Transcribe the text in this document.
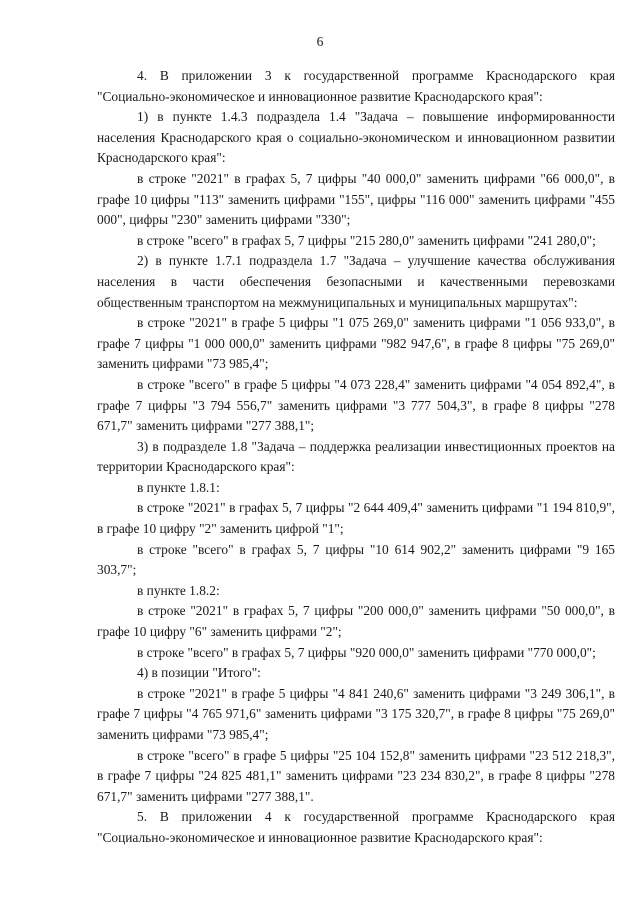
6

4. В приложении 3 к государственной программе Краснодарского края "Социально-экономическое и инновационное развитие Краснодарского края":

1) в пункте 1.4.3 подраздела 1.4 "Задача – повышение информированности населения Краснодарского края о социально-экономическом и инновационном развитии Краснодарского края":

в строке "2021" в графах 5, 7 цифры "40 000,0" заменить цифрами "66 000,0", в графе 10 цифры "113" заменить цифрами "155", цифры "116 000" заменить цифрами "455 000", цифры "230" заменить цифрами "330";

в строке "всего" в графах 5, 7 цифры "215 280,0" заменить цифрами "241 280,0";

2) в пункте 1.7.1 подраздела 1.7 "Задача – улучшение качества обслуживания населения в части обеспечения безопасными и качественными перевозками общественным транспортом на межмуниципальных и муниципальных маршрутах":

в строке "2021" в графе 5 цифры "1 075 269,0" заменить цифрами "1 056 933,0", в графе 7 цифры "1 000 000,0" заменить цифрами "982 947,6", в графе 8 цифры "75 269,0" заменить цифрами "73 985,4";

в строке "всего" в графе 5 цифры "4 073 228,4" заменить цифрами "4 054 892,4", в графе 7 цифры "3 794 556,7" заменить цифрами "3 777 504,3", в графе 8 цифры "278 671,7" заменить цифрами "277 388,1";

3) в подразделе 1.8 "Задача – поддержка реализации инвестиционных проектов на территории Краснодарского края":

в пункте 1.8.1:

в строке "2021" в графах 5, 7 цифры "2 644 409,4" заменить цифрами "1 194 810,9", в графе 10 цифру "2" заменить цифрой "1";

в строке "всего" в графах 5, 7 цифры "10 614 902,2" заменить цифрами "9 165 303,7";

в пункте 1.8.2:

в строке "2021" в графах 5, 7 цифры "200 000,0" заменить цифрами "50 000,0", в графе 10 цифру "6" заменить цифрами "2";

в строке "всего" в графах 5, 7 цифры "920 000,0" заменить цифрами "770 000,0";

4) в позиции "Итого":

в строке "2021" в графе 5 цифры "4 841 240,6" заменить цифрами "3 249 306,1", в графе 7 цифры "4 765 971,6" заменить цифрами "3 175 320,7", в графе 8 цифры "75 269,0" заменить цифрами "73 985,4";

в строке "всего" в графе 5 цифры "25 104 152,8" заменить цифрами "23 512 218,3", в графе 7 цифры "24 825 481,1" заменить цифрами "23 234 830,2", в графе 8 цифры "278 671,7" заменить цифрами "277 388,1".

5. В приложении 4 к государственной программе Краснодарского края "Социально-экономическое и инновационное развитие Краснодарского края":
